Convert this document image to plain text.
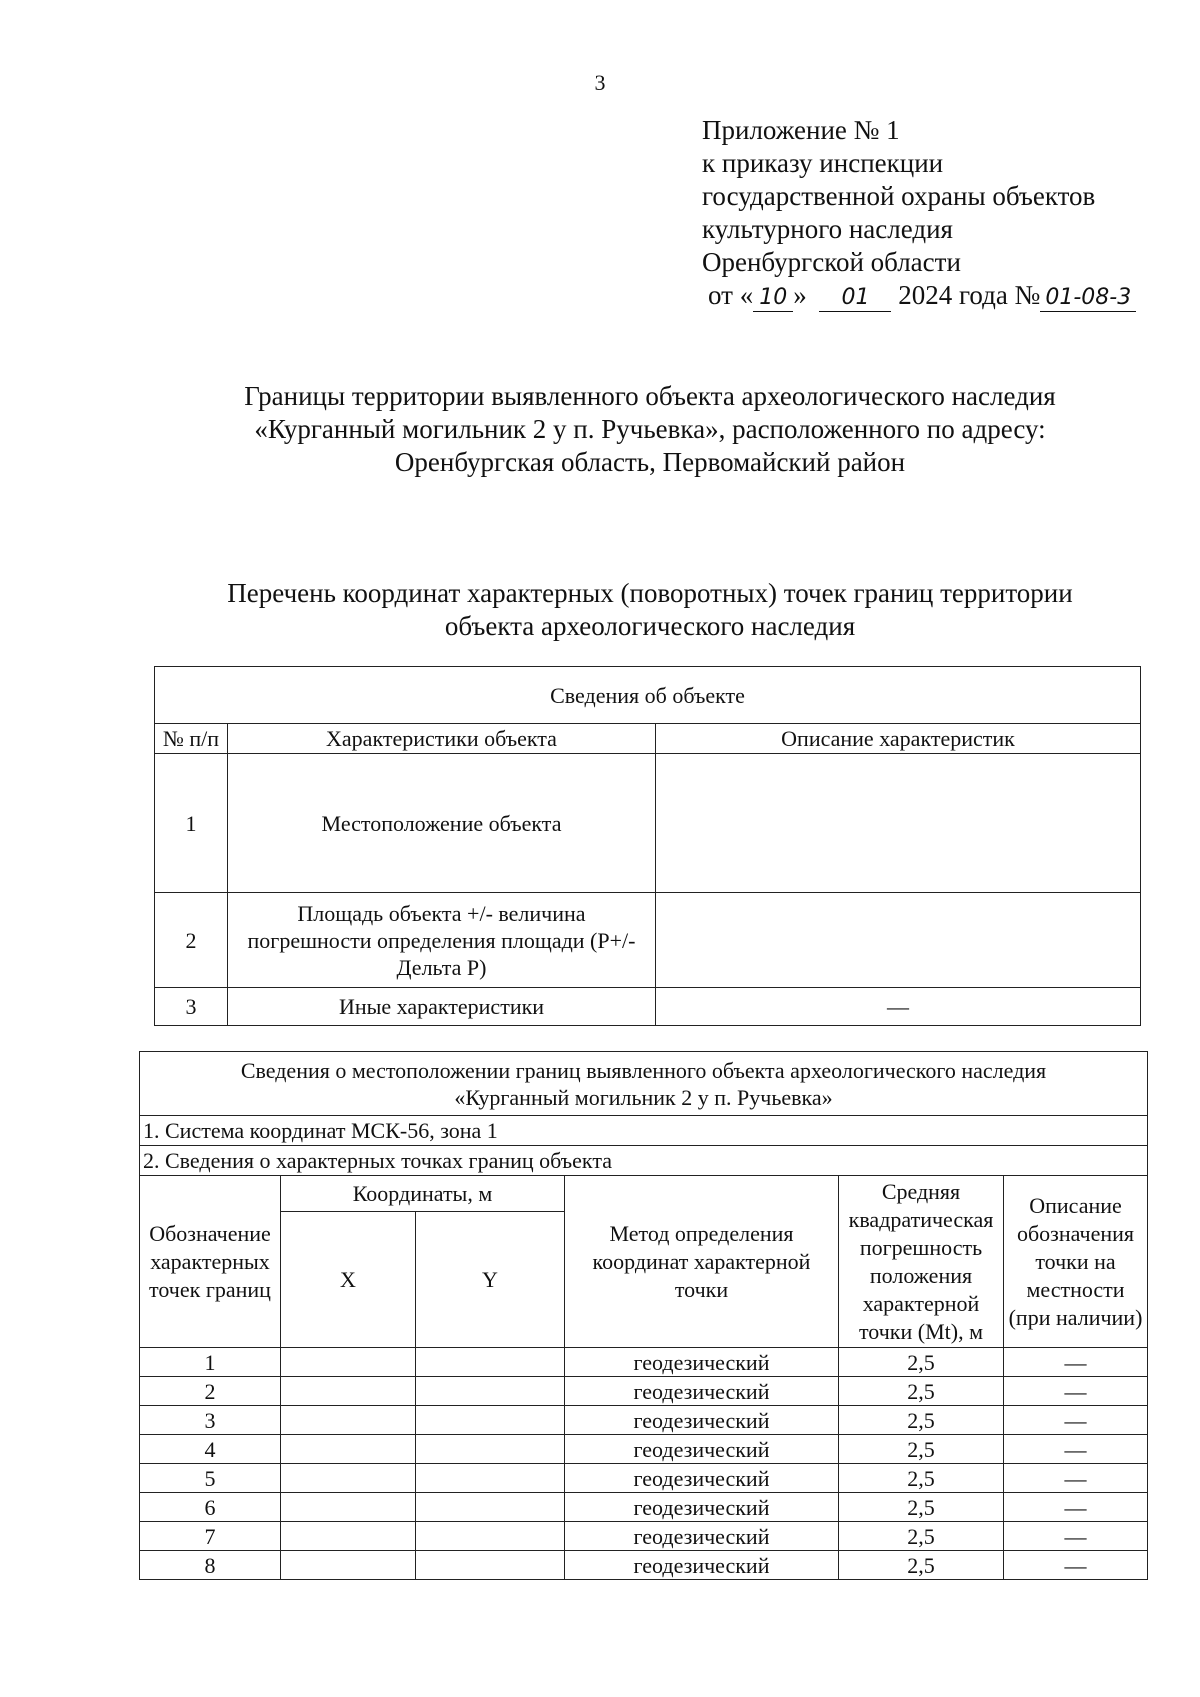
3
Приложение № 1
к приказу инспекции
государственной охраны объектов
культурного наследия
Оренбургской области
от « 10 » 01 2024 года № 01-08-3
Границы территории выявленного объекта археологического наследия
«Курганный могильник 2 у п. Ручьевка», расположенного по адресу:
Оренбургская область, Первомайский район
Перечень координат характерных (поворотных) точек границ территории
объекта археологического наследия
Сведения об объекте		
№ п/п	Характеристики объекта	Описание характеристик
1	Местоположение объекта	
2	Площадь объекта +/- величина погрешности определения площади (Р+/- Дельта Р)	
3	Иные характеристики	—
Сведения о местоположении границ выявленного объекта археологического наследия
«Курганный могильник 2 у п. Ручьевка»					

1. Система координат МСК-56, зона 1					
2. Сведения о характерных точках границ объекта					
Обозначение характерных точек границ	Координаты, м		Метод определения координат характерной точки	Средняя квадратическая погрешность положения характерной точки (Mt), м	Описание обозначения точки на местности (при наличии)
	X	Y			
1			геодезический	2,5	—
2			геодезический	2,5	—
3			геодезический	2,5	—
4			геодезический	2,5	—
5			геодезический	2,5	—
6			геодезический	2,5	—
7			геодезический	2,5	—
8			геодезический	2,5	—
